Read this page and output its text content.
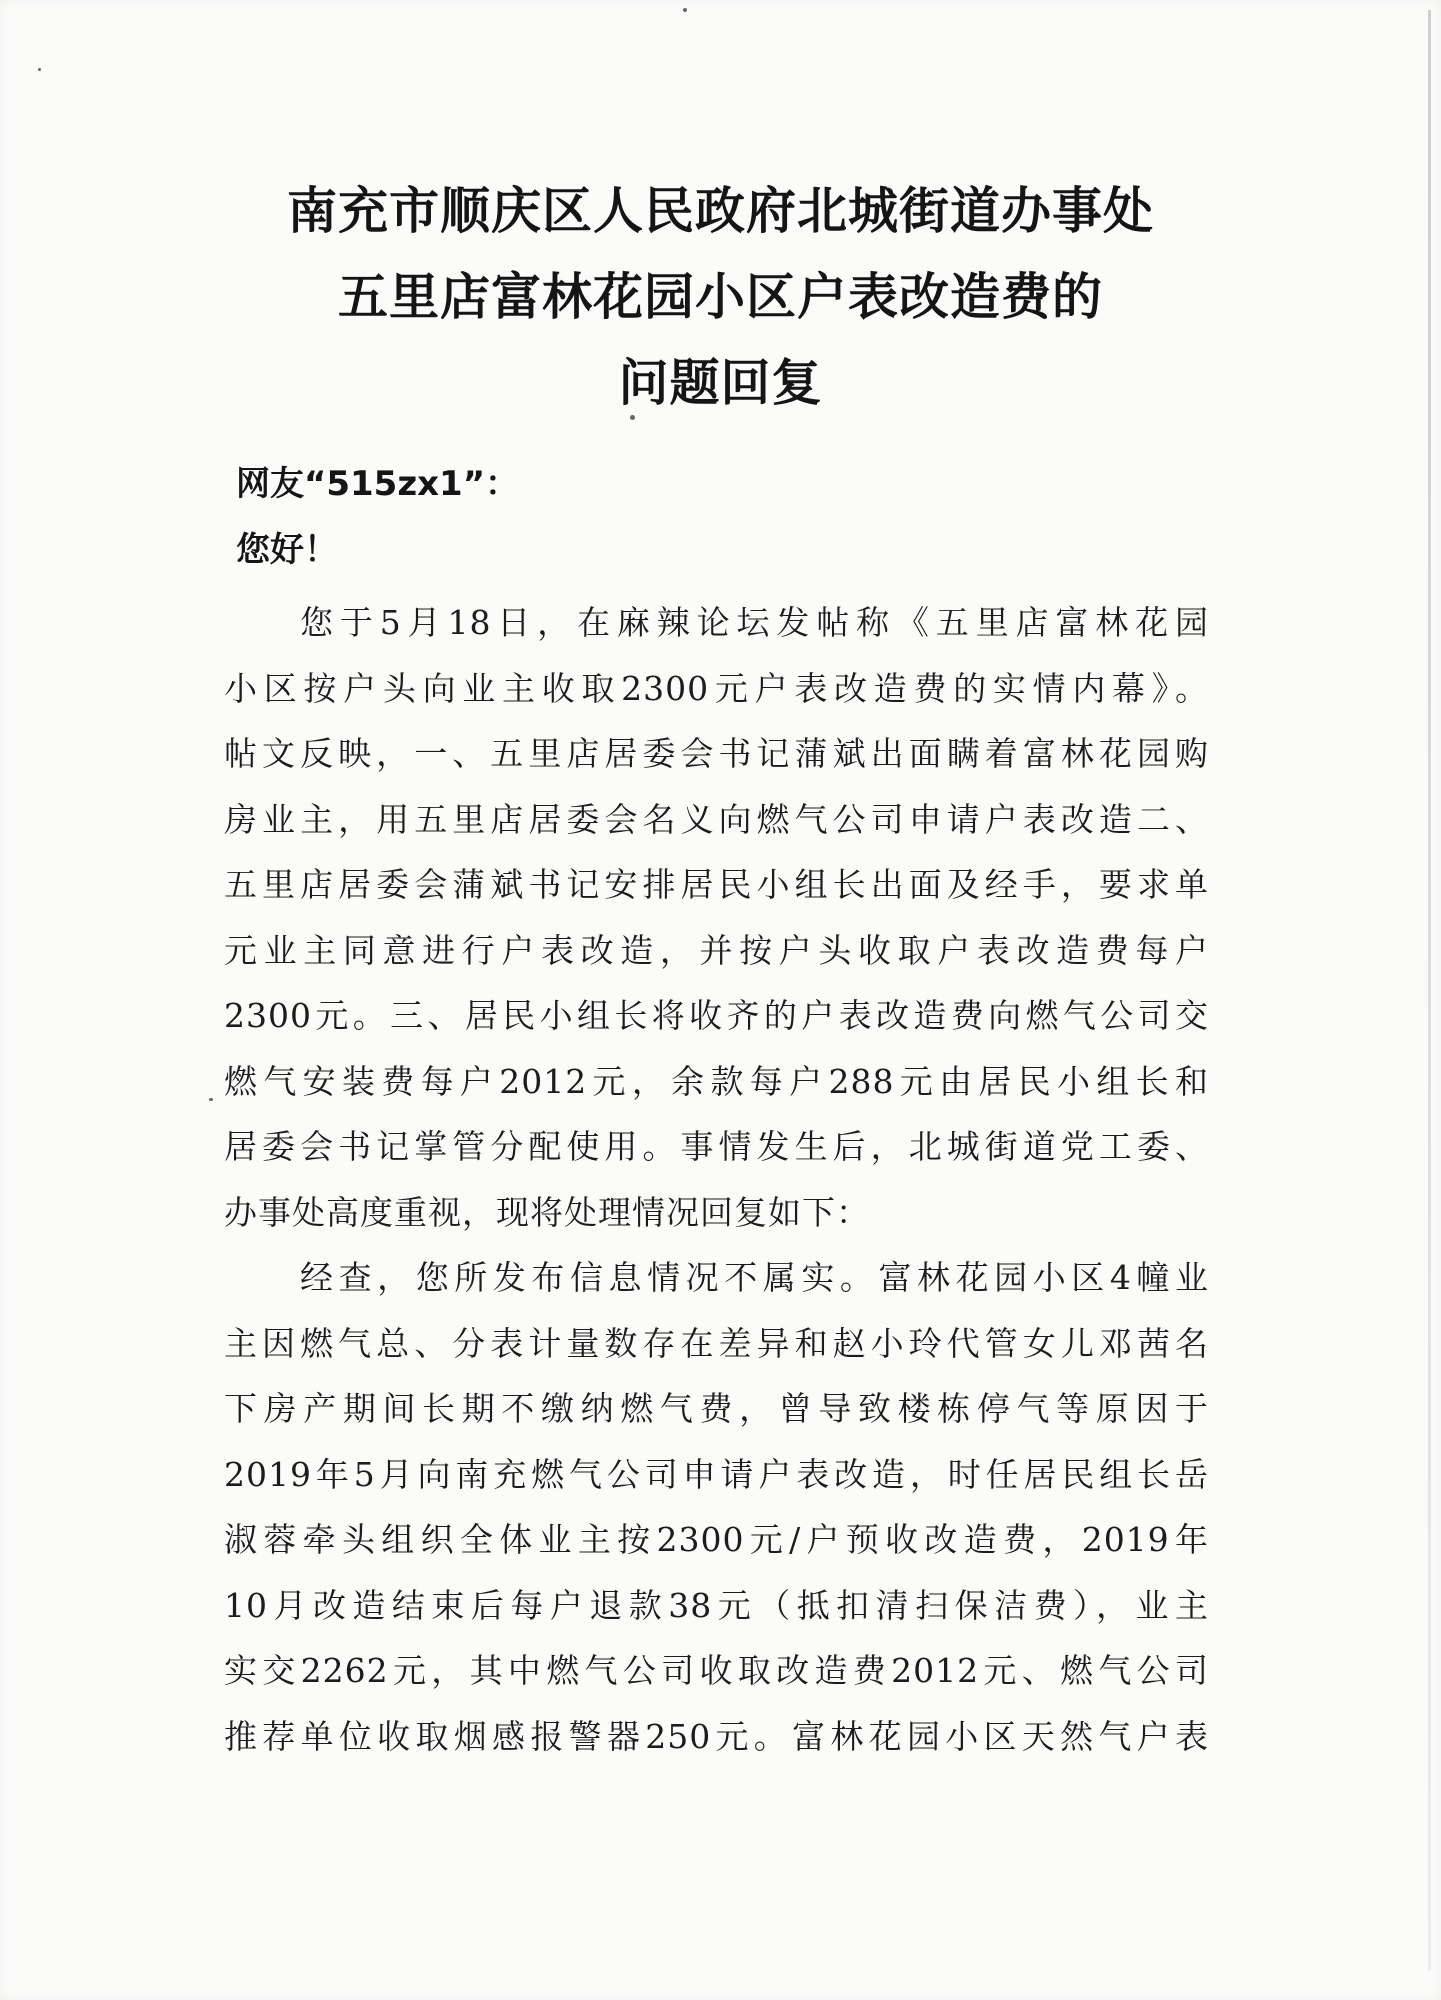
南充市顺庆区人民政府北城街道办事处
五里店富林花园小区户表改造费的
问题回复
网友“515zx1”：
您好！
您于5月18日，在麻辣论坛发帖称《五里店富林花园
小区按户头向业主收取2300元户表改造费的实情内幕》。
帖文反映，一、五里店居委会书记蒲斌出面瞒着富林花园购
房业主，用五里店居委会名义向燃气公司申请户表改造二、
五里店居委会蒲斌书记安排居民小组长出面及经手，要求单
元业主同意进行户表改造，并按户头收取户表改造费每户
2300元。三、居民小组长将收齐的户表改造费向燃气公司交
燃气安装费每户2012元，余款每户288元由居民小组长和
居委会书记掌管分配使用。事情发生后，北城街道党工委、
办事处高度重视，现将处理情况回复如下：
经查，您所发布信息情况不属实。富林花园小区4幢业
主因燃气总、分表计量数存在差异和赵小玲代管女儿邓茜名
下房产期间长期不缴纳燃气费，曾导致楼栋停气等原因于
2019年5月向南充燃气公司申请户表改造，时任居民组长岳
淑蓉牵头组织全体业主按2300元/户预收改造费，2019年
10月改造结束后每户退款38元（抵扣清扫保洁费），业主
实交2262元，其中燃气公司收取改造费2012元、燃气公司
推荐单位收取烟感报警器250元。富林花园小区天然气户表
